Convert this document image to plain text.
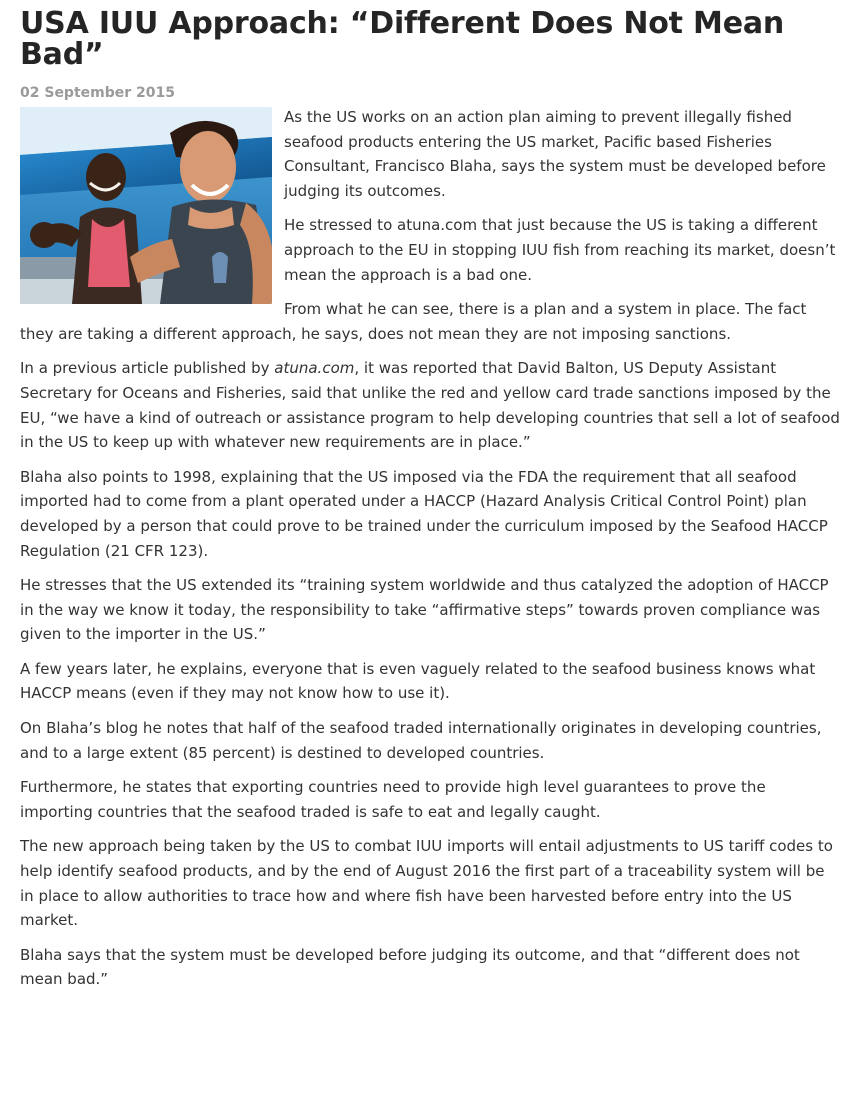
USA IUU Approach: “Different Does Not Mean Bad”
02 September 2015

As the US works on an action plan aiming to prevent illegally fished seafood products entering the US market, Pacific based Fisheries Consultant, Francisco Blaha, says the system must be developed before judging its outcomes.

He stressed to atuna.com that just because the US is taking a different approach to the EU in stopping IUU fish from reaching its market, doesn’t mean the approach is a bad one.

From what he can see, there is a plan and a system in place. The fact they are taking a different approach, he says, does not mean they are not imposing sanctions.

In a previous article published by atuna.com, it was reported that David Balton, US Deputy Assistant Secretary for Oceans and Fisheries, said that unlike the red and yellow card trade sanctions imposed by the EU, “we have a kind of outreach or assistance program to help developing countries that sell a lot of seafood in the US to keep up with whatever new requirements are in place.”

Blaha also points to 1998, explaining that the US imposed via the FDA the requirement that all seafood imported had to come from a plant operated under a HACCP (Hazard Analysis Critical Control Point) plan developed by a person that could prove to be trained under the curriculum imposed by the Seafood HACCP Regulation (21 CFR 123).

He stresses that the US extended its “training system worldwide and thus catalyzed the adoption of HACCP in the way we know it today, the responsibility to take “affirmative steps” towards proven compliance was given to the importer in the US.”

A few years later, he explains, everyone that is even vaguely related to the seafood business knows what HACCP means (even if they may not know how to use it).

On Blaha’s blog he notes that half of the seafood traded internationally originates in developing countries, and to a large extent (85 percent) is destined to developed countries.

Furthermore, he states that exporting countries need to provide high level guarantees to prove the importing countries that the seafood traded is safe to eat and legally caught.

The new approach being taken by the US to combat IUU imports will entail adjustments to US tariff codes to help identify seafood products, and by the end of August 2016 the first part of a traceability system will be in place to allow authorities to trace how and where fish have been harvested before entry into the US market.

Blaha says that the system must be developed before judging its outcome, and that “different does not mean bad.”
